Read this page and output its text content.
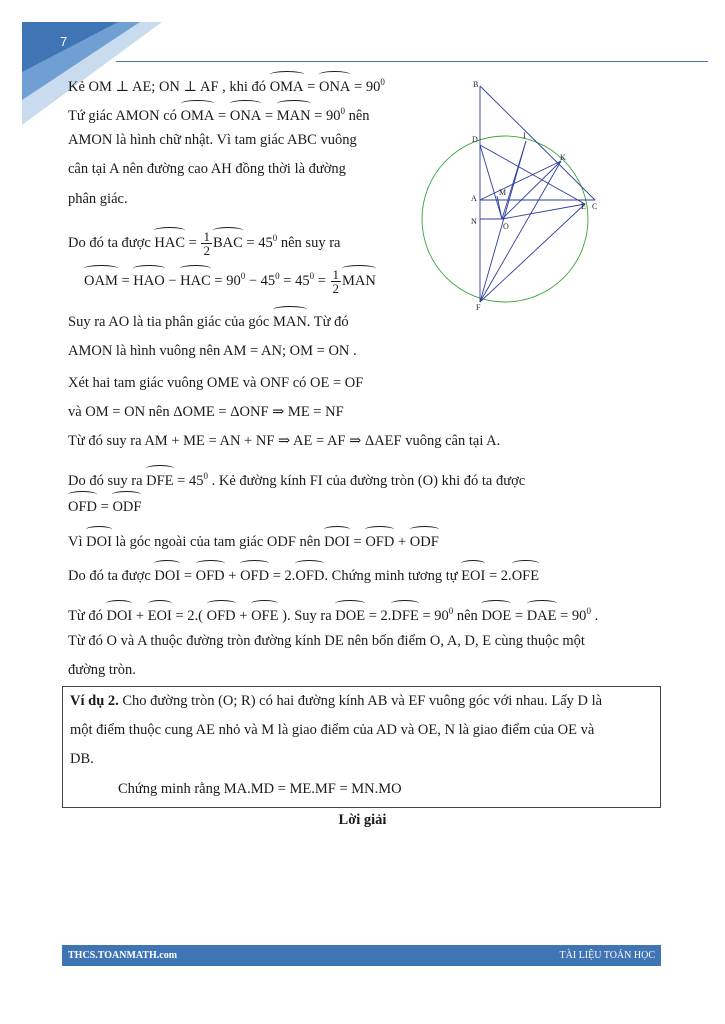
7
B
D	I
K
A
M
E C
N
O
F
Kẻ OM ⊥ AE; ON ⊥ AF , khi đó OMA = ONA = $90^0$
Tứ giác AMON có OMA = ONA = MAN = $90^0$ nên
AMON là hình chữ nhật. Vì tam giác ABC vuông
cân tại A nên đường cao AH đồng thời là đường
phân giác.
Do đó ta được HAC = $\frac{1}{2}$ BAC = $45^0$ nên suy ra
OAM = HAO − HAC = $90^0 - 45^0 = 45^0 = \frac{1}{2}$ MAN
Suy ra AO là tia phân giác của góc MAN. Từ đó
AMON là hình vuông nên AM = AN; OM = ON .
Xét hai tam giác vuông OME và ONF có OE = OF
và OM = ON nên ΔOME = ΔONF ⇒ ME = NF
Từ đó suy ra AM + ME = AN + NF ⇒ AE = AF ⇒ ΔAEF vuông cân tại A.
Do đó suy ra DFE = $45^0$ . Kẻ đường kính FI của đường tròn (O) khi đó ta được
OFD = ODF
Vì DOI là góc ngoài của tam giác ODF nên DOI = OFD + ODF
Do đó ta được DOI = OFD + OFD = 2.OFD. Chứng minh tương tự EOI = 2.OFE
Từ đó DOI + EOI = 2.( OFD + OFE ). Suy ra DOE = $2.DFE = 90^0$ nên DOE = DAE = $90^0$ .
Từ đó O và A thuộc đường tròn đường kính DE nên bốn điểm O, A, D, E cùng thuộc một
đường tròn.
Ví dụ 2. Cho đường tròn (O; R) có hai đường kính AB và EF vuông góc với nhau. Lấy D là
một điểm thuộc cung AE nhỏ và M là giao điểm của AD và OE, N là giao điểm của OE và
DB.
Chứng minh rằng MA.MD = ME.MF = MN.MO
Lời giải
THCS.TOANMATH.com	TÀI LIỆU TOÁN HỌC
